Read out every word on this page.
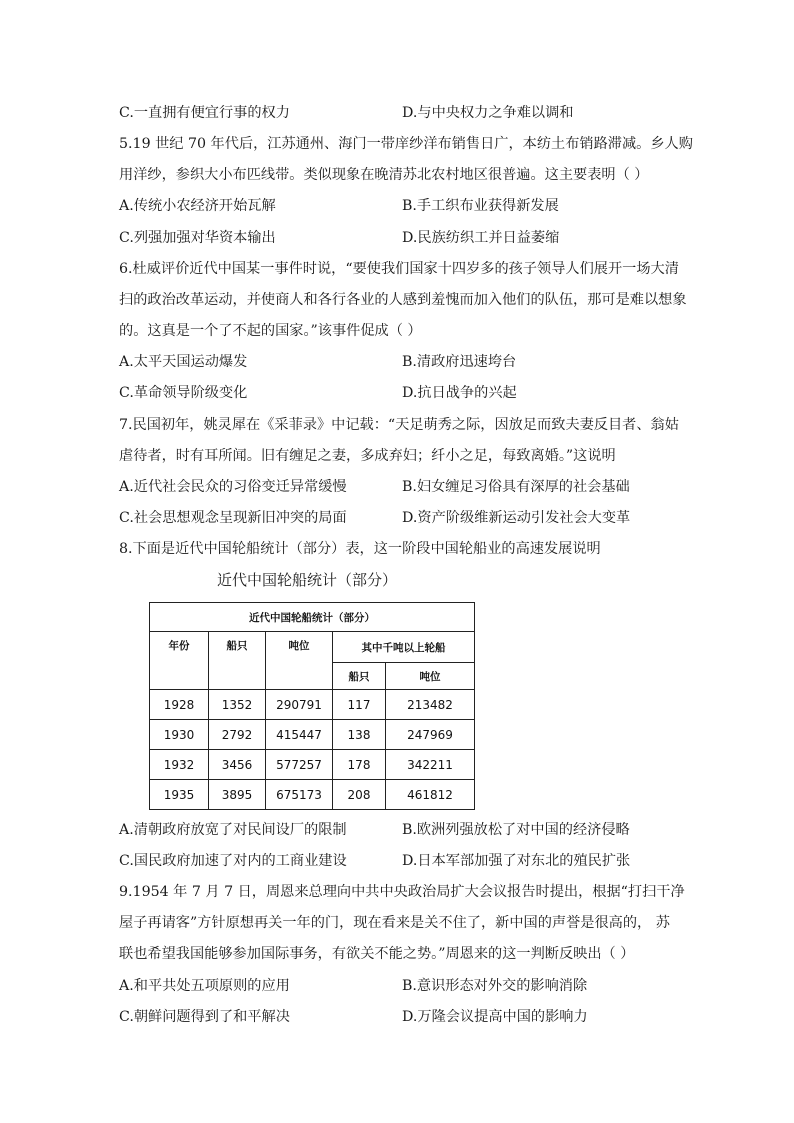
C.一直拥有便宜行事的权力	D.与中央权力之争难以调和
5.19 世纪 70 年代后，江苏通州、海门一带庠纱洋布销售日广，本纺土布销路滞减。乡人购
用洋纱，参织大小布匹线带。类似现象在晚清苏北农村地区很普遍。这主要表明（ ）
A.传统小农经济开始瓦解	B.手工织布业获得新发展
C.列强加强对华资本输出	D.民族纺织工并日益萎缩
6.杜威评价近代中国某一事件时说，“要使我们国家十四岁多的孩子领导人们展开一场大清
扫的政治改革运动，并使商人和各行各业的人感到羞愧而加入他们的队伍，那可是难以想象
的。这真是一个了不起的国家。”该事件促成（ ）
A.太平天国运动爆发	B.清政府迅速垮台
C.革命领导阶级变化	D.抗日战争的兴起
7.民国初年，姚灵犀在《采菲录》中记载：“天足萌秀之际，因放足而致夫妻反目者、翁姑
虐待者，时有耳所闻。旧有缠足之妻，多成弃妇；纤小之足，每致离婚。”这说明
A.近代社会民众的习俗变迁异常缓慢	B.妇女缠足习俗具有深厚的社会基础
C.社会思想观念呈现新旧冲突的局面	D.资产阶级维新运动引发社会大变革
8.下面是近代中国轮船统计（部分）表，这一阶段中国轮船业的高速发展说明
近代中国轮船统计（部分）
近代中国轮船统计（部分）				
年份	船只	吨位	其中千吨以上轮船	
			船只	吨位
1928	1352	290791	117	213482
1930	2792	415447	138	247969
1932	3456	577257	178	342211
1935	3895	675173	208	461812
A.清朝政府放宽了对民间设厂的限制	B.欧洲列强放松了对中国的经济侵略
C.国民政府加速了对内的工商业建设	D.日本军部加强了对东北的殖民扩张
9.1954 年 7 月 7 日，周恩来总理向中共中央政治局扩大会议报告时提出，根据“打扫干净
屋子再请客”方针原想再关一年的门，现在看来是关不住了，新中国的声誉是很高的， 苏
联也希望我国能够参加国际事务，有欲关不能之势。”周恩来的这一判断反映出（ ）
A.和平共处五项原则的应用	B.意识形态对外交的影响消除
C.朝鲜问题得到了和平解决	D.万隆会议提高中国的影响力
